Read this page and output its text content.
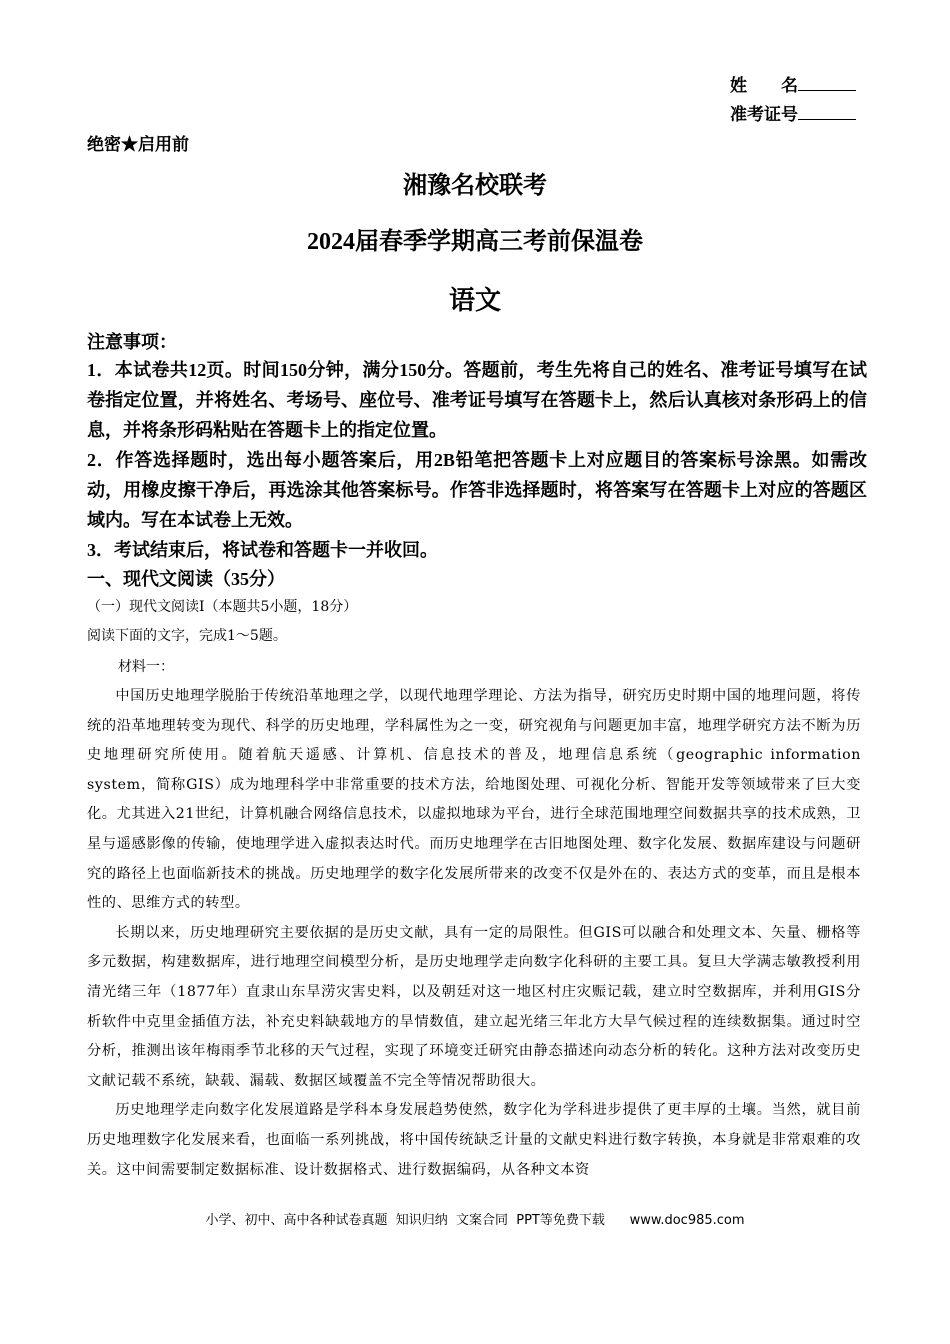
姓　　名
准考证号
绝密★启用前
湘豫名校联考
2024届春季学期高三考前保温卷
语文
注意事项：

1．本试卷共12页。时间150分钟，满分150分。答题前，考生先将自己的姓名、准考证号填写在试卷指定位置，并将姓名、考场号、座位号、准考证号填写在答题卡上，然后认真核对条形码上的信息，并将条形码粘贴在答题卡上的指定位置。

2．作答选择题时，选出每小题答案后，用2B铅笔把答题卡上对应题目的答案标号涂黑。如需改动，用橡皮擦干净后，再选涂其他答案标号。作答非选择题时，将答案写在答题卡上对应的答题区域内。写在本试卷上无效。

3．考试结束后，将试卷和答题卡一并收回。

一、现代文阅读（35分）
（一）现代文阅读Ⅰ（本题共5小题，18分）
阅读下面的文字，完成1～5题。
材料一：

中国历史地理学脱胎于传统沿革地理之学，以现代地理学理论、方法为指导，研究历史时期中国的地理问题，将传统的沿革地理转变为现代、科学的历史地理，学科属性为之一变，研究视角与问题更加丰富，地理学研究方法不断为历史地理研究所使用。随着航天遥感、计算机、信息技术的普及，地理信息系统（geographic information system，简称GIS）成为地理科学中非常重要的技术方法，给地图处理、可视化分析、智能开发等领域带来了巨大变化。尤其进入21世纪，计算机融合网络信息技术，以虚拟地球为平台，进行全球范围地理空间数据共享的技术成熟，卫星与遥感影像的传输，使地理学进入虚拟表达时代。而历史地理学在古旧地图处理、数字化发展、数据库建设与问题研究的路径上也面临新技术的挑战。历史地理学的数字化发展所带来的改变不仅是外在的、表达方式的变革，而且是根本性的、思维方式的转型。

长期以来，历史地理研究主要依据的是历史文献，具有一定的局限性。但GIS可以融合和处理文本、矢量、栅格等多元数据，构建数据库，进行地理空间模型分析，是历史地理学走向数字化科研的主要工具。复旦大学满志敏教授利用清光绪三年（1877年）直隶山东旱涝灾害史料，以及朝廷对这一地区村庄灾赈记载，建立时空数据库，并利用GIS分析软件中克里金插值方法，补充史料缺载地方的旱情数值，建立起光绪三年北方大旱气候过程的连续数据集。通过时空分析，推测出该年梅雨季节北移的天气过程，实现了环境变迁研究由静态描述向动态分析的转化。这种方法对改变历史文献记载不系统，缺载、漏载、数据区域覆盖不完全等情况帮助很大。

历史地理学走向数字化发展道路是学科本身发展趋势使然，数字化为学科进步提供了更丰厚的土壤。当然，就目前历史地理数字化发展来看，也面临一系列挑战，将中国传统缺乏计量的文献史料进行数字转换，本身就是非常艰难的攻关。这中间需要制定数据标准、设计数据格式、进行数据编码，从各种文本资

小学、初中、高中各种试卷真题  知识归纳  文案合同  PPT等免费下载      www.doc985.com
